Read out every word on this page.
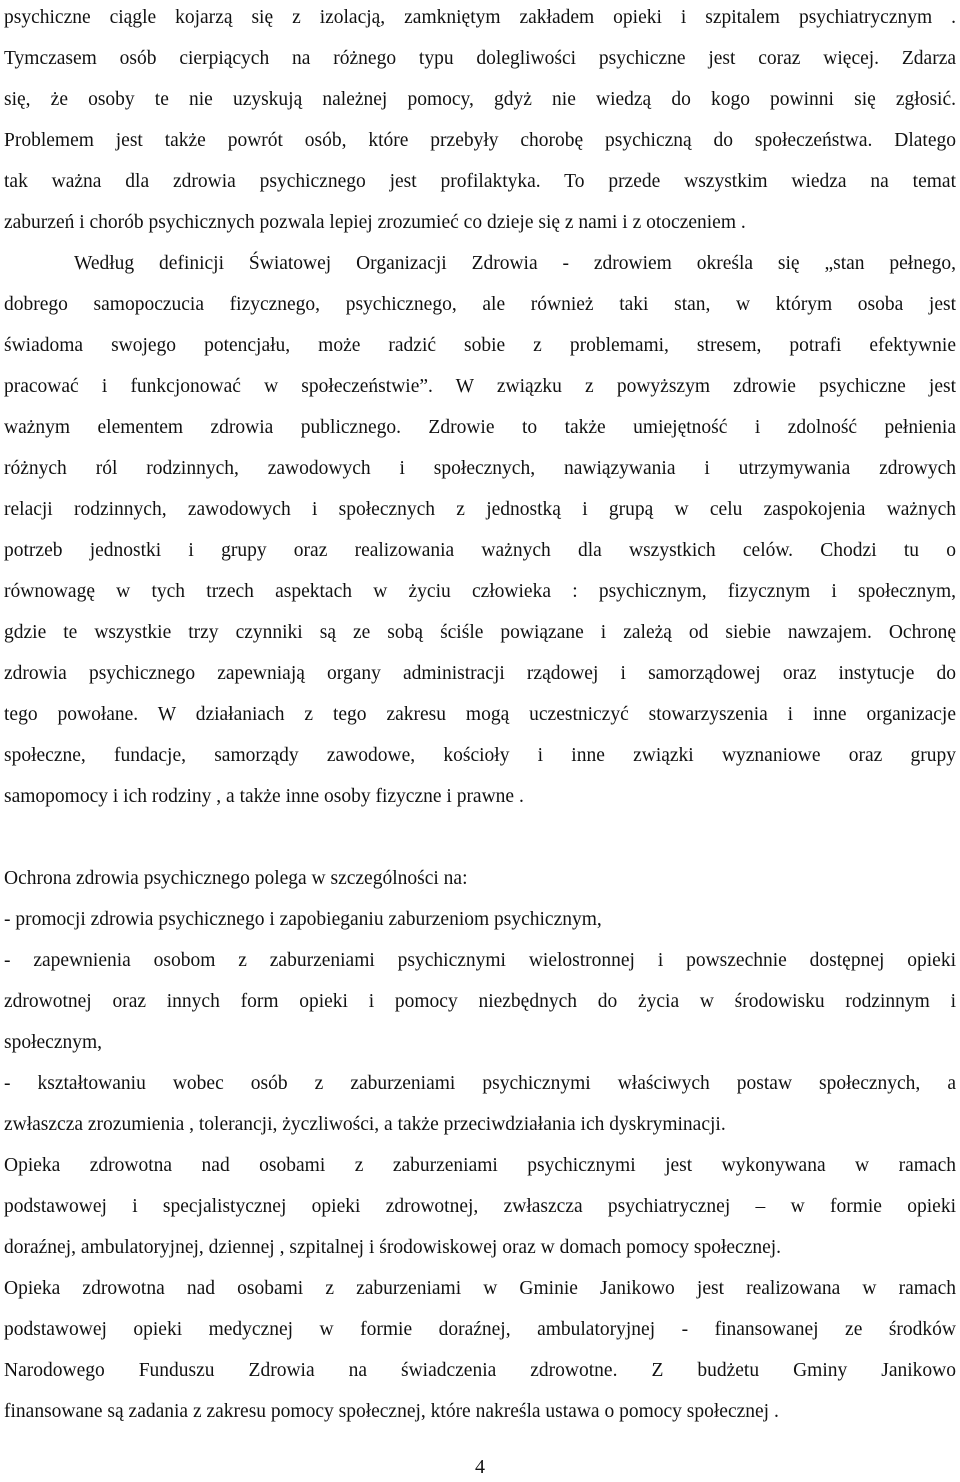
psychiczne ciągle kojarzą się z izolacją, zamkniętym zakładem opieki i szpitalem psychiatrycznym .
Tymczasem osób cierpiących na różnego typu dolegliwości psychiczne jest coraz więcej. Zdarza
się, że osoby te nie uzyskują należnej pomocy, gdyż nie wiedzą do kogo powinni się zgłosić.
Problemem jest także powrót osób, które przebyły chorobę psychiczną do społeczeństwa. Dlatego
tak ważna dla zdrowia psychicznego jest profilaktyka. To przede wszystkim wiedza na temat
zaburzeń i chorób psychicznych pozwala lepiej zrozumieć co dzieje się z nami i z otoczeniem .
Według definicji Światowej Organizacji Zdrowia - zdrowiem określa się „stan pełnego,
dobrego samopoczucia fizycznego, psychicznego, ale również taki stan, w którym osoba jest
świadoma swojego potencjału, może radzić sobie z problemami, stresem, potrafi efektywnie
pracować i funkcjonować w społeczeństwie”. W związku z powyższym zdrowie psychiczne jest
ważnym elementem zdrowia publicznego. Zdrowie to także umiejętność i zdolność pełnienia
różnych ról rodzinnych, zawodowych i społecznych, nawiązywania i utrzymywania zdrowych
relacji rodzinnych, zawodowych i społecznych z jednostką i grupą w celu zaspokojenia ważnych
potrzeb jednostki i grupy oraz realizowania ważnych dla wszystkich celów. Chodzi tu o
równowagę w tych trzech aspektach w życiu człowieka : psychicznym, fizycznym i społecznym,
gdzie te wszystkie trzy czynniki są ze sobą ściśle powiązane i zależą od siebie nawzajem. Ochronę
zdrowia psychicznego zapewniają organy administracji rządowej i samorządowej oraz instytucje do
tego powołane. W działaniach z tego zakresu mogą uczestniczyć stowarzyszenia i inne organizacje
społeczne, fundacje, samorządy zawodowe, kościoły i inne związki wyznaniowe oraz grupy
samopomocy i ich rodziny , a także inne osoby fizyczne i prawne .
Ochrona zdrowia psychicznego polega w szczególności na:
- promocji zdrowia psychicznego i zapobieganiu zaburzeniom psychicznym,
- zapewnienia osobom z zaburzeniami psychicznymi wielostronnej i powszechnie dostępnej opieki
zdrowotnej oraz innych form opieki i pomocy niezbędnych do życia w środowisku rodzinnym i
społecznym,
- kształtowaniu wobec osób z zaburzeniami psychicznymi właściwych postaw społecznych, a
zwłaszcza zrozumienia , tolerancji, życzliwości, a także przeciwdziałania ich dyskryminacji.
Opieka zdrowotna nad osobami z zaburzeniami psychicznymi jest wykonywana w ramach
podstawowej i specjalistycznej opieki zdrowotnej, zwłaszcza psychiatrycznej – w formie opieki
doraźnej, ambulatoryjnej, dziennej , szpitalnej i środowiskowej oraz w domach pomocy społecznej.
Opieka zdrowotna nad osobami z zaburzeniami w Gminie Janikowo jest realizowana w ramach
podstawowej opieki medycznej w formie doraźnej, ambulatoryjnej - finansowanej ze środków
Narodowego Funduszu Zdrowia na świadczenia zdrowotne. Z budżetu Gminy Janikowo
finansowane są zadania z zakresu pomocy społecznej, które nakreśla ustawa o pomocy społecznej .
4
